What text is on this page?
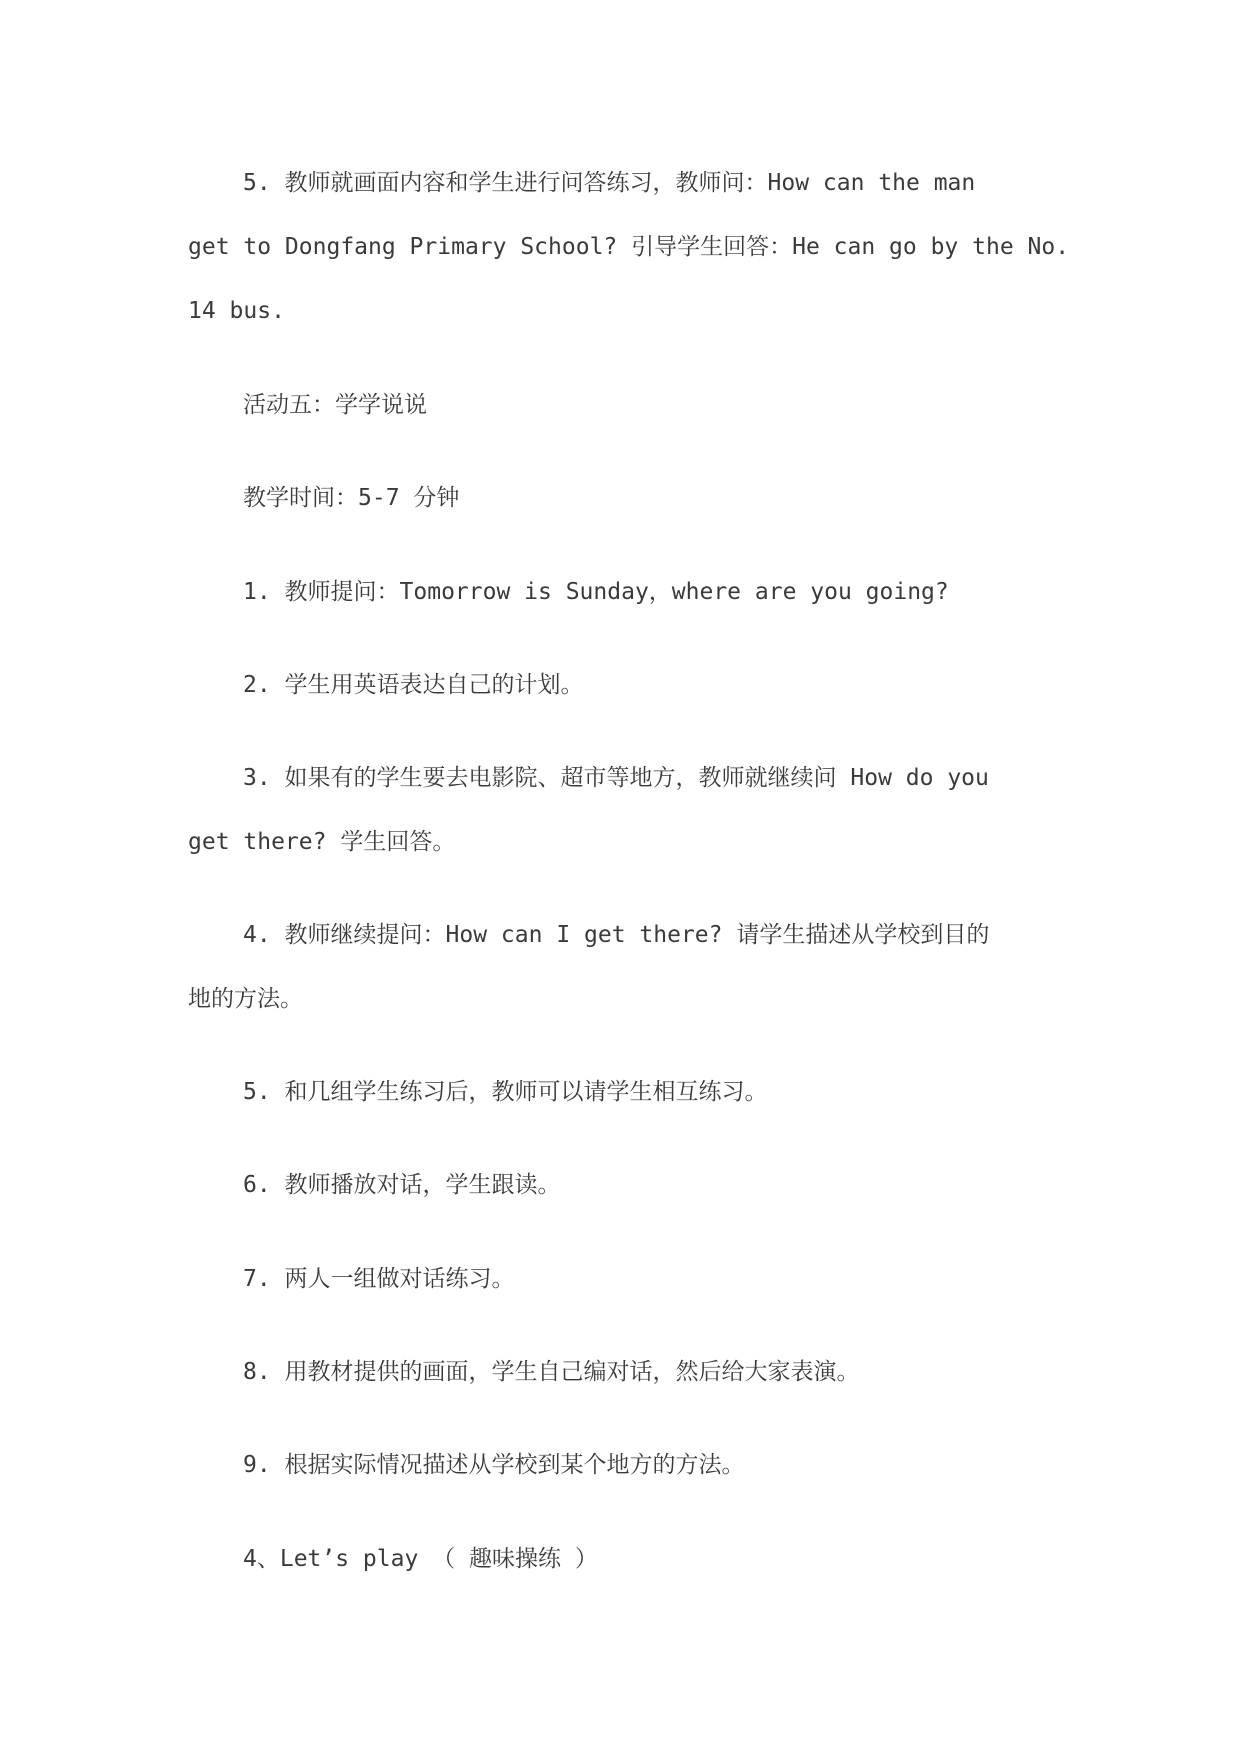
5. 教师就画面内容和学生进行问答练习，教师问：How can the man
get to Dongfang Primary School? 引导学生回答：He can go by the No.
14 bus.
活动五：学学说说
教学时间：5-7 分钟
1. 教师提问：Tomorrow is Sunday，where are you going?
2. 学生用英语表达自己的计划。
3. 如果有的学生要去电影院、超市等地方，教师就继续问 How do you
get there? 学生回答。
4. 教师继续提问：How can I get there? 请学生描述从学校到目的
地的方法。
5. 和几组学生练习后，教师可以请学生相互练习。
6. 教师播放对话，学生跟读。
7. 两人一组做对话练习。
8. 用教材提供的画面，学生自己编对话，然后给大家表演。
9. 根据实际情况描述从学校到某个地方的方法。
4、Let’s play （ 趣味操练 ）
